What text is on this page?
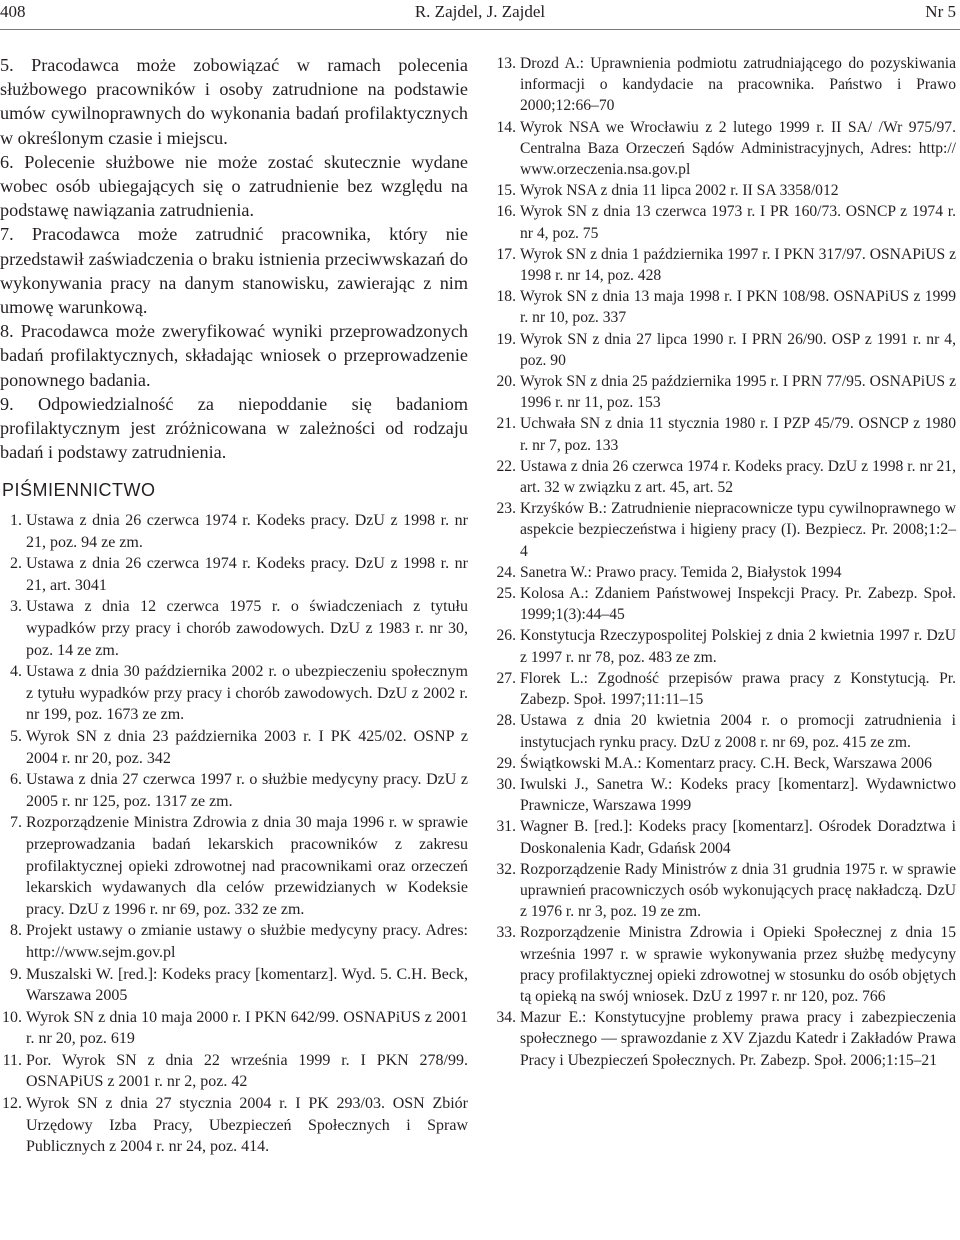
408	R. Zajdel, J. Zajdel	Nr 5

5. Pracodawca może zobowiązać w ramach polecenia służbowego pracowników i osoby zatrudnione na podstawie umów cywilnoprawnych do wykonania badań profilaktycznych w określonym czasie i miejscu.

6. Polecenie służbowe nie może zostać skutecznie wydane wobec osób ubiegających się o zatrudnienie bez względu na podstawę nawiązania zatrudnienia.

7. Pracodawca może zatrudnić pracownika, który nie przedstawił zaświadczenia o braku istnienia przeciwwskazań do wykonywania pracy na danym stanowisku, zawierając z nim umowę warunkową.

8. Pracodawca może zweryfikować wyniki przeprowadzonych badań profilaktycznych, składając wniosek o przeprowadzenie ponownego badania.

9. Odpowiedzialność za niepoddanie się badaniom profilaktycznym jest zróżnicowana w zależności od rodzaju badań i podstawy zatrudnienia.

PIŚMIENNICTWO
1. Ustawa z dnia 26 czerwca 1974 r. Kodeks pracy. DzU z 1998 r. nr 21, poz. 94 ze zm.
2. Ustawa z dnia 26 czerwca 1974 r. Kodeks pracy. DzU z 1998 r. nr 21, art. 3041
3. Ustawa z dnia 12 czerwca 1975 r. o świadczeniach z tytułu wypadków przy pracy i chorób zawodowych. DzU z 1983 r. nr 30, poz. 14 ze zm.
4. Ustawa z dnia 30 października 2002 r. o ubezpieczeniu społecznym z tytułu wypadków przy pracy i chorób zawodowych. DzU z 2002 r. nr 199, poz. 1673 ze zm.
5. Wyrok SN z dnia 23 października 2003 r. I PK 425/02. OSNP z 2004 r. nr 20, poz. 342
6. Ustawa z dnia 27 czerwca 1997 r. o służbie medycyny pracy. DzU z 2005 r. nr 125, poz. 1317 ze zm.
7. Rozporządzenie Ministra Zdrowia z dnia 30 maja 1996 r. w sprawie przeprowadzania badań lekarskich pracowników z zakresu profilaktycznej opieki zdrowotnej nad pracownikami oraz orzeczeń lekarskich wydawanych dla celów przewidzianych w Kodeksie pracy. DzU z 1996 r. nr 69, poz. 332 ze zm.
8. Projekt ustawy o zmianie ustawy o służbie medycyny pracy. Adres: http://www.sejm.gov.pl
9. Muszalski W. [red.]: Kodeks pracy [komentarz]. Wyd. 5. C.H. Beck, Warszawa 2005
10. Wyrok SN z dnia 10 maja 2000 r. I PKN 642/99. OSNAPiUS z 2001 r. nr 20, poz. 619
11. Por. Wyrok SN z dnia 22 września 1999 r. I PKN 278/99. OSNAPiUS z 2001 r. nr 2, poz. 42
12. Wyrok SN z dnia 27 stycznia 2004 r. I PK 293/03. OSN Zbiór Urzędowy Izba Pracy, Ubezpieczeń Społecznych i Spraw Publicznych z 2004 r. nr 24, poz. 414.
13. Drozd A.: Uprawnienia podmiotu zatrudniającego do pozyskiwania informacji o kandydacie na pracownika. Państwo i Prawo 2000;12:66–70
14. Wyrok NSA we Wrocławiu z 2 lutego 1999 r. II SA/ /Wr 975/97. Centralna Baza Orzeczeń Sądów Administracyjnych, Adres: http:// www.orzeczenia.nsa.gov.pl
15. Wyrok NSA z dnia 11 lipca 2002 r. II SA 3358/012
16. Wyrok SN z dnia 13 czerwca 1973 r. I PR 160/73. OSNCP z 1974 r. nr 4, poz. 75
17. Wyrok SN z dnia 1 października 1997 r. I PKN 317/97. OSNAPiUS z 1998 r. nr 14, poz. 428
18. Wyrok SN z dnia 13 maja 1998 r. I PKN 108/98. OSNAPiUS z 1999 r. nr 10, poz. 337
19. Wyrok SN z dnia 27 lipca 1990 r. I PRN 26/90. OSP z 1991 r. nr 4, poz. 90
20. Wyrok SN z dnia 25 października 1995 r. I PRN 77/95. OSNAPiUS z 1996 r. nr 11, poz. 153
21. Uchwała SN z dnia 11 stycznia 1980 r. I PZP 45/79. OSNCP z 1980 r. nr 7, poz. 133
22. Ustawa z dnia 26 czerwca 1974 r. Kodeks pracy. DzU z 1998 r. nr 21, art. 32 w związku z art. 45, art. 52
23. Krzyśków B.: Zatrudnienie niepracowniczе typu cywilnoprawnego w aspekcie bezpieczeństwa i higieny pracy (I). Bezpiecz. Pr. 2008;1:2–4
24. Sanetra W.: Prawo pracy. Temida 2, Białystok 1994
25. Kolosa A.: Zdaniem Państwowej Inspekcji Pracy. Pr. Zabezp. Społ. 1999;1(3):44–45
26. Konstytucja Rzeczypospolitej Polskiej z dnia 2 kwietnia 1997 r. DzU z 1997 r. nr 78, poz. 483 ze zm.
27. Florek L.: Zgodność przepisów prawa pracy z Konstytucją. Pr. Zabezp. Społ. 1997;11:11–15
28. Ustawa z dnia 20 kwietnia 2004 r. o promocji zatrudnienia i instytucjach rynku pracy. DzU z 2008 r. nr 69, poz. 415 ze zm.
29. Świątkowski M.A.: Komentarz pracy. C.H. Beck, Warszawa 2006
30. Iwulski J., Sanetra W.: Kodeks pracy [komentarz]. Wydawnictwo Prawnicze, Warszawa 1999
31. Wagner B. [red.]: Kodeks pracy [komentarz]. Ośrodek Doradztwa i Doskonalenia Kadr, Gdańsk 2004
32. Rozporządzenie Rady Ministrów z dnia 31 grudnia 1975 r. w sprawie uprawnień pracowniczych osób wykonujących pracę nakładczą. DzU z 1976 r. nr 3, poz. 19 ze zm.
33. Rozporządzenie Ministra Zdrowia i Opieki Społecznej z dnia 15 września 1997 r. w sprawie wykonywania przez służbę medycyny pracy profilaktycznej opieki zdrowotnej w stosunku do osób objętych tą opieką na swój wniosek. DzU z 1997 r. nr 120, poz. 766
34. Mazur E.: Konstytucyjne problemy prawa pracy i zabezpieczenia społecznego — sprawozdanie z XV Zjazdu Katedr i Zakładów Prawa Pracy i Ubezpieczeń Społecznych. Pr. Zabezp. Społ. 2006;1:15–21
